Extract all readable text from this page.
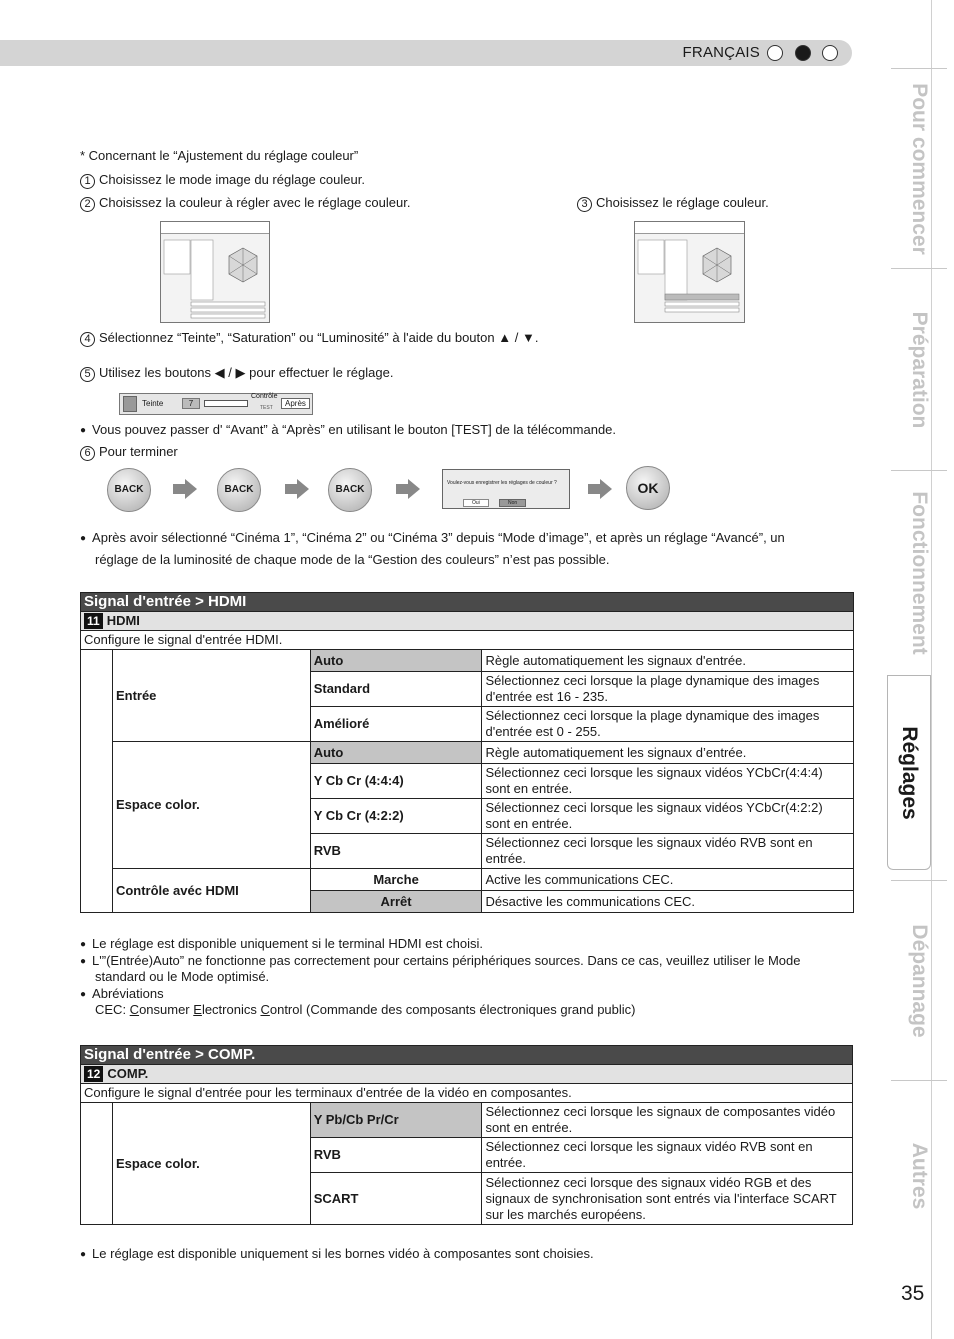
FRANÇAIS
Pour commencer
Préparation
Fonctionnement
Réglages
Dépannage
Autres
35
* Concernant le “Ajustement du réglage couleur”
1 Choisissez le mode image du réglage couleur.
2 Choisissez la couleur à régler avec le réglage couleur.	3 Choisissez le réglage couleur.
4 Sélectionnez “Teinte”, “Saturation” ou “Luminosité” à l'aide du bouton ▲ / ▼.
5 Utilisez les boutons ◀ / ▶ pour effectuer le réglage.
Teinte	7
Contrôle
TEST	Après
● Vous pouvez passer d' “Avant” à “Après” en utilisant le bouton [TEST] de la télécommande.
6 Pour terminer
BACK	BACK	BACK
Voulez-vous enregistrer les réglages de couleur ?
Oui	Non
OK
● Après avoir sélectionné “Cinéma 1”, “Cinéma 2” ou “Cinéma 3” depuis “Mode d’image”, et après un réglage “Avancé”, un
réglage de la luminosité de chaque mode de la “Gestion des couleurs” n’est pas possible.
Signal d'entrée > HDMI			
11 HDMI			
Configure le signal d'entrée HDMI.			
	Entrée	Auto	Règle automatiquement les signaux d'entrée.
		Standard	Sélectionnez ceci lorsque la plage dynamique des images d'entrée est 16 - 235.
		Amélioré	Sélectionnez ceci lorsque la plage dynamique des images d'entrée est 0 - 255.
	Espace color.	Auto	Règle automatiquement les signaux d’entrée.
		Y Cb Cr (4:4:4)	Sélectionnez ceci lorsque les signaux vidéos YCbCr(4:4:4) sont en entrée.
		Y Cb Cr (4:2:2)	Sélectionnez ceci lorsque les signaux vidéos YCbCr(4:2:2) sont en entrée.
		RVB	Sélectionnez ceci lorsque les signaux vidéo RVB sont en entrée.
	Contrôle avéc HDMI	Marche	Active les communications CEC.
		Arrêt	Désactive les communications CEC.
● Le réglage est disponible uniquement si le terminal HDMI est choisi.
● L'”(Entrée)Auto” ne fonctionne pas correctement pour certains périphériques sources. Dans ce cas, veuillez utiliser le Mode
standard ou le Mode optimisé.
● Abréviations
CEC: Consumer Electronics Control (Commande des composants électroniques grand public)
Signal d'entrée > COMP.			
12 COMP.			
Configure le signal d'entrée pour les terminaux d'entrée de la vidéo en composantes.			
	Espace color.	Y Pb/Cb Pr/Cr	Sélectionnez ceci lorsque les signaux de composantes vidéo sont en entrée.
		RVB	Sélectionnez ceci lorsque les signaux vidéo RVB sont en entrée.
		SCART	Sélectionnez ceci lorsque des signaux vidéo RGB et des signaux de synchronisation sont entrés via l'interface SCART sur les marchés européens.
● Le réglage est disponible uniquement si les bornes vidéo à composantes sont choisies.
